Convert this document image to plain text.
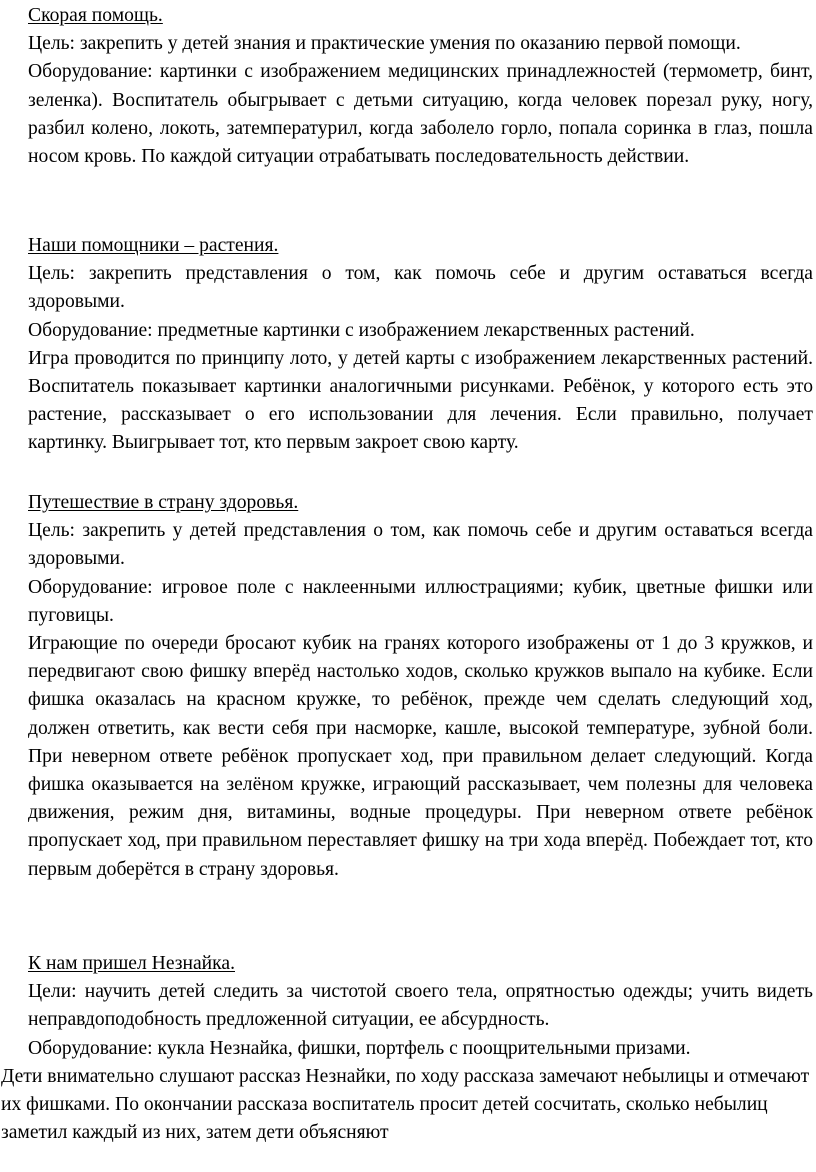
Скорая помощь.

Цель: закрепить у детей знания и практические умения по оказанию первой помощи.

Оборудование: картинки с изображением медицинских принадлежностей (термометр, бинт, зеленка). Воспитатель обыгрывает с детьми ситуацию, когда человек порезал руку, ногу, разбил колено, локоть, затемпературил, когда заболело горло, попала соринка в глаз, пошла носом кровь. По каждой ситуации отрабатывать последовательность действии.

Наши помощники – растения.

Цель: закрепить представления о том, как помочь себе и другим оставаться всегда здоровыми.

Оборудование: предметные картинки с изображением лекарственных растений.

Игра проводится по принципу лото, у детей карты с изображением лекарственных растений. Воспитатель показывает картинки аналогичными рисунками. Ребёнок, у которого есть это растение, рассказывает о его использовании для лечения. Если правильно, получает картинку. Выигрывает тот, кто первым закроет свою карту.

Путешествие в страну здоровья.

Цель: закрепить у детей представления о том, как помочь себе и другим оставаться всегда здоровыми.

Оборудование: игровое поле с наклеенными иллюстрациями; кубик, цветные фишки или пуговицы.

Играющие по очереди бросают кубик на гранях которого изображены от 1 до 3 кружков, и передвигают свою фишку вперёд настолько ходов, сколько кружков выпало на кубике. Если фишка оказалась на красном кружке, то ребёнок, прежде чем сделать следующий ход, должен ответить, как вести себя при насморке, кашле, высокой температуре, зубной боли. При неверном ответе ребёнок пропускает ход, при правильном делает следующий. Когда фишка оказывается на зелёном кружке, играющий рассказывает, чем полезны для человека движения, режим дня, витамины, водные процедуры. При неверном ответе ребёнок пропускает ход, при правильном переставляет фишку на три хода вперёд. Побеждает тот, кто первым доберётся в страну здоровья.

К нам пришел Незнайка.

Цели: научить детей следить за чистотой своего тела, опрятностью одежды; учить видеть неправдоподобность предложенной ситуации, ее абсурдность.

Оборудование: кукла Незнайка, фишки, портфель с поощрительными призами.

Дети внимательно слушают рассказ Незнайки, по ходу рассказа замечают небылицы и отмечают их фишками. По окончании рассказа воспитатель просит детей сосчитать, сколько небылиц заметил каждый из них, затем дети объясняют
